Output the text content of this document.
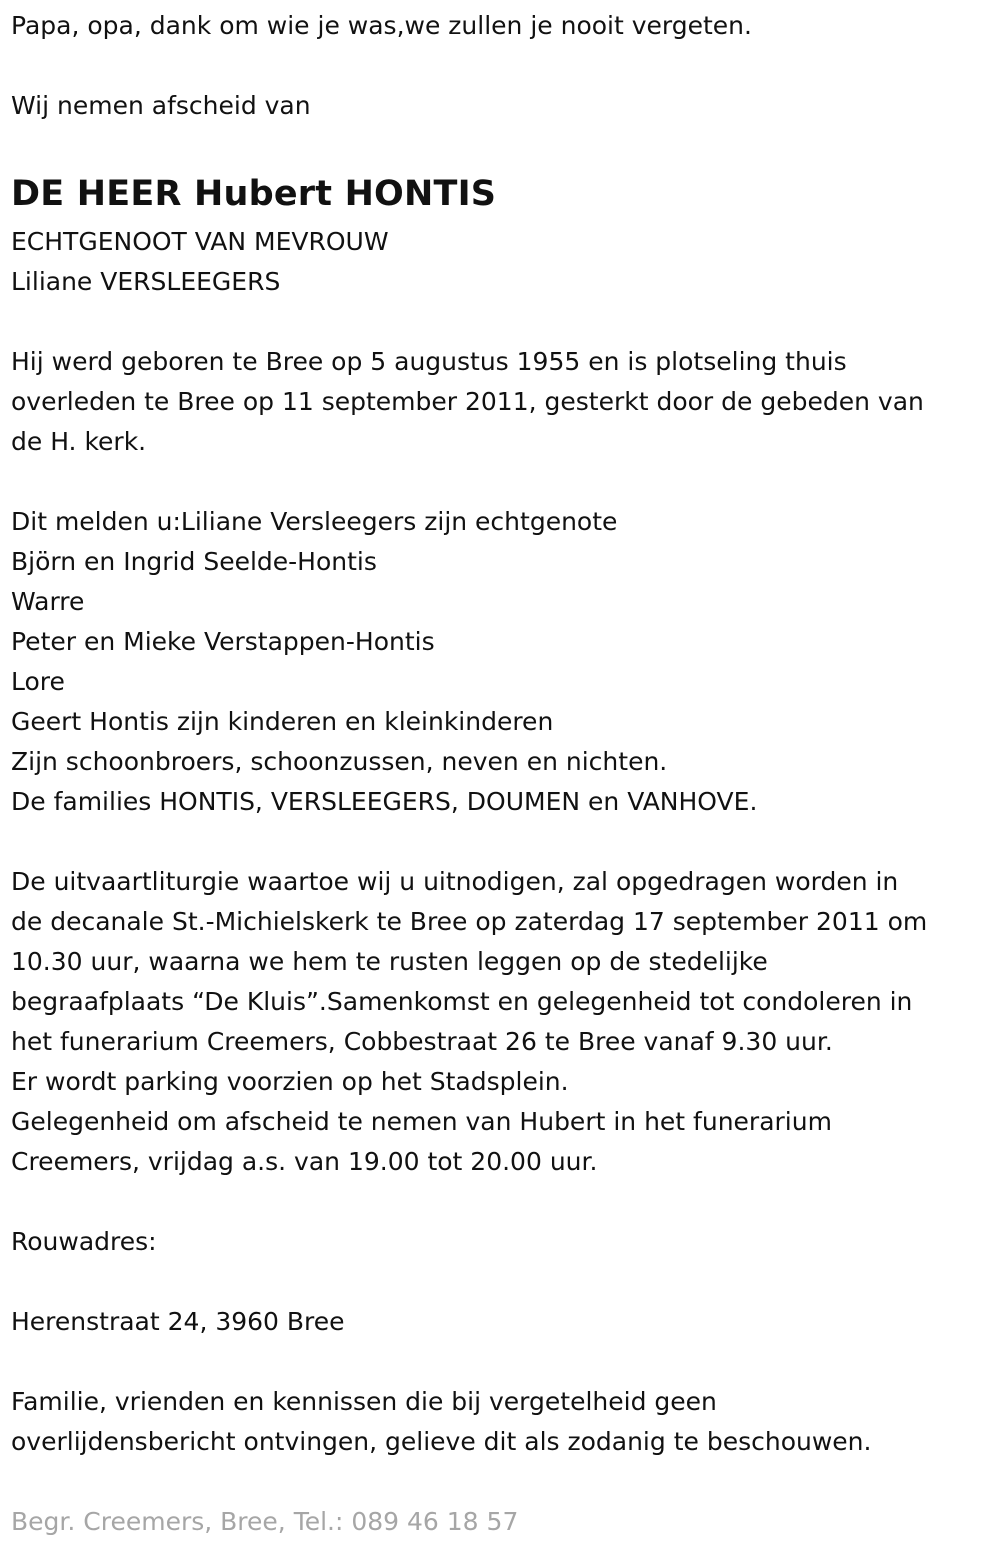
Papa, opa, dank om wie je was,we zullen je nooit vergeten.

Wij nemen afscheid van

DE HEER Hubert HONTIS

ECHTGENOOT VAN MEVROUW

Liliane VERSLEEGERS

Hij werd geboren te Bree op 5 augustus 1955 en is plotseling thuis

overleden te Bree op 11 september 2011, gesterkt door de gebeden van

de H. kerk.

Dit melden u:Liliane Versleegers zijn echtgenote

Björn en Ingrid Seelde-Hontis

Warre

Peter en Mieke Verstappen-Hontis

Lore

Geert Hontis zijn kinderen en kleinkinderen

Zijn schoonbroers, schoonzussen, neven en nichten.

De families HONTIS, VERSLEEGERS, DOUMEN en VANHOVE.

De uitvaartliturgie waartoe wij u uitnodigen, zal opgedragen worden in

de decanale St.-Michielskerk te Bree op zaterdag 17 september 2011 om

10.30 uur, waarna we hem te rusten leggen op de stedelijke

begraafplaats “De Kluis”.Samenkomst en gelegenheid tot condoleren in

het funerarium Creemers, Cobbestraat 26 te Bree vanaf 9.30 uur.

Er wordt parking voorzien op het Stadsplein.

Gelegenheid om afscheid te nemen van Hubert in het funerarium

Creemers, vrijdag a.s. van 19.00 tot 20.00 uur.

Rouwadres:

Herenstraat 24, 3960 Bree

Familie, vrienden en kennissen die bij vergetelheid geen

overlijdensbericht ontvingen, gelieve dit als zodanig te beschouwen.

Begr. Creemers, Bree, Tel.: 089 46 18 57
